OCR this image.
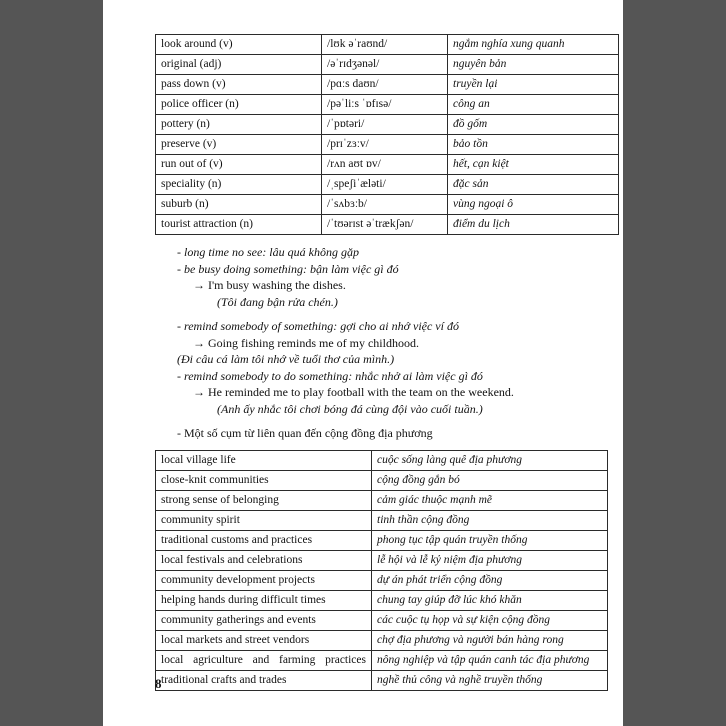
look around (v)	/lʊk əˈraʊnd/	ngắm nghía xung quanh
original (adj)	/əˈrɪdʒənəl/	nguyên bản
pass down (v)	/pɑːs daʊn/	truyền lại
police officer (n)	/pəˈliːs ˈɒfɪsə/	công an
pottery (n)	/ˈpɒtəri/	đồ gốm
preserve (v)	/prɪˈzɜːv/	bảo tồn
run out of (v)	/rʌn aʊt ɒv/	hết, cạn kiệt
speciality (n)	/ˌspeʃiˈæləti/	đặc sản
suburb (n)	/ˈsʌbɜːb/	vùng ngoại ô
tourist attraction (n)	/ˈtʊərɪst əˈtrækʃən/	điểm du lịch
- long time no see: lâu quá không gặp
- be busy doing something: bận làm việc gì đó
→ I'm busy washing the dishes.
(Tôi đang bận rửa chén.)
- remind somebody of something: gợi cho ai nhớ việc ví đó
→ Going fishing reminds me of my childhood.
(Đi câu cá làm tôi nhớ về tuổi thơ của mình.)
- remind somebody to do something: nhắc nhở ai làm việc gì đó
→ He reminded me to play football with the team on the weekend.
(Anh ấy nhắc tôi chơi bóng đá cùng đội vào cuối tuần.)
- Một số cụm từ liên quan đến cộng đồng địa phương
local village life	cuộc sống làng quê địa phương
close-knit communities	cộng đồng gắn bó
strong sense of belonging	cảm giác thuộc mạnh mẽ
community spirit	tinh thần cộng đồng
traditional customs and practices	phong tục tập quán truyền thống
local festivals and celebrations	lễ hội và lễ kỷ niệm địa phương
community development projects	dự án phát triển cộng đồng
helping hands during difficult times	chung tay giúp đỡ lúc khó khăn
community gatherings and events	các cuộc tụ họp và sự kiện cộng đồng
local markets and street vendors	chợ địa phương và người bán hàng rong
local agriculture and farming practices	nông nghiệp và tập quán canh tác địa phương
traditional crafts and trades	nghề thủ công và nghề truyền thống
8
